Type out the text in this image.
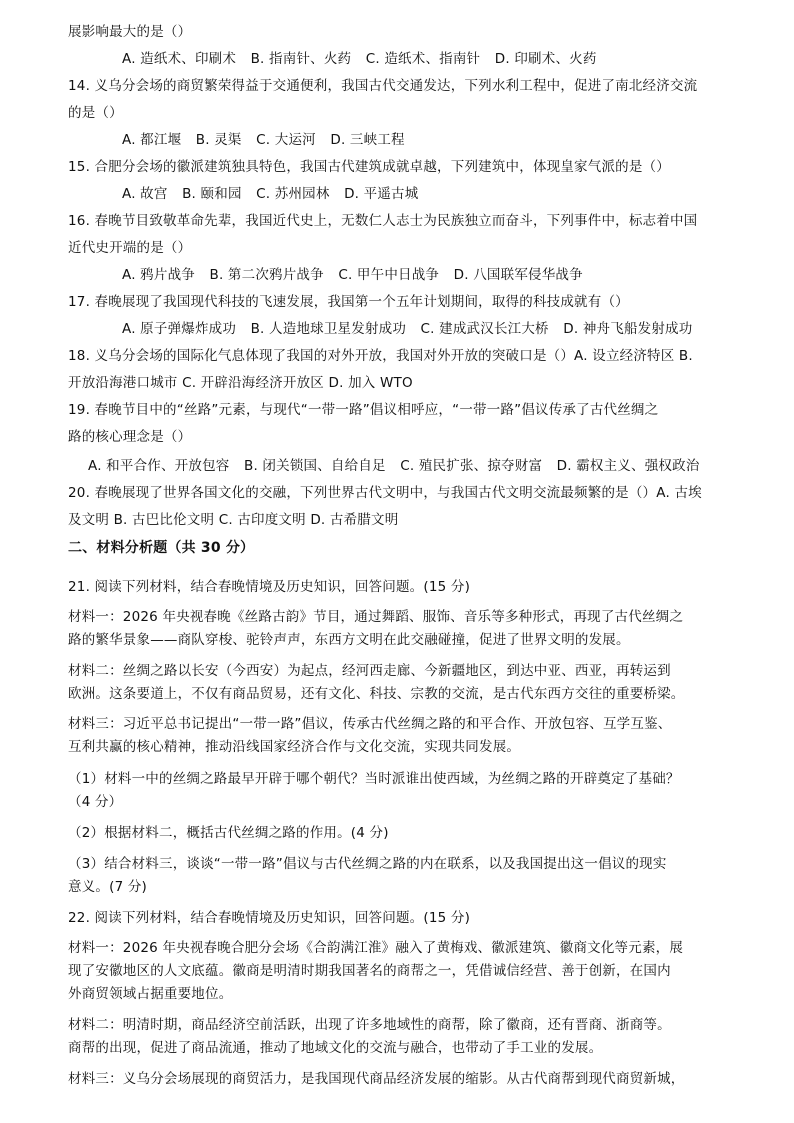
展影响最大的是（）
A. 造纸术、印刷术 B. 指南针、火药 C. 造纸术、指南针 D. 印刷术、火药
14. 义乌分会场的商贸繁荣得益于交通便利，我国古代交通发达，下列水利工程中，促进了南北经济交流
的是（）
A. 都江堰 B. 灵渠 C. 大运河 D. 三峡工程
15. 合肥分会场的徽派建筑独具特色，我国古代建筑成就卓越，下列建筑中，体现皇家气派的是（）
A. 故宫 B. 颐和园 C. 苏州园林 D. 平遥古城
16. 春晚节目致敬革命先辈，我国近代史上，无数仁人志士为民族独立而奋斗，下列事件中，标志着中国
近代史开端的是（）
A. 鸦片战争 B. 第二次鸦片战争 C. 甲午中日战争 D. 八国联军侵华战争
17. 春晚展现了我国现代科技的飞速发展，我国第一个五年计划期间，取得的科技成就有（）
A. 原子弹爆炸成功 B. 人造地球卫星发射成功 C. 建成武汉长江大桥 D. 神舟飞船发射成功
18. 义乌分会场的国际化气息体现了我国的对外开放，我国对外开放的突破口是（）A. 设立经济特区 B.
开放沿海港口城市 C. 开辟沿海经济开放区 D. 加入 WTO
19. 春晚节目中的“丝路”元素，与现代“一带一路”倡议相呼应，“一带一路”倡议传承了古代丝绸之
路的核心理念是（）
A. 和平合作、开放包容 B. 闭关锁国、自给自足 C. 殖民扩张、掠夺财富 D. 霸权主义、强权政治
20. 春晚展现了世界各国文化的交融，下列世界古代文明中，与我国古代文明交流最频繁的是（）A. 古埃
及文明 B. 古巴比伦文明 C. 古印度文明 D. 古希腊文明
二、材料分析题（共 30 分）
21. 阅读下列材料，结合春晚情境及历史知识，回答问题。(15 分)
材料一：2026 年央视春晚《丝路古韵》节目，通过舞蹈、服饰、音乐等多种形式，再现了古代丝绸之
路的繁华景象——商队穿梭、驼铃声声，东西方文明在此交融碰撞，促进了世界文明的发展。
材料二：丝绸之路以长安（今西安）为起点，经河西走廊、今新疆地区，到达中亚、西亚，再转运到
欧洲。这条要道上，不仅有商品贸易，还有文化、科技、宗教的交流，是古代东西方交往的重要桥梁。
材料三：习近平总书记提出“一带一路”倡议，传承古代丝绸之路的和平合作、开放包容、互学互鉴、
互利共赢的核心精神，推动沿线国家经济合作与文化交流，实现共同发展。
（1）材料一中的丝绸之路最早开辟于哪个朝代？当时派谁出使西域，为丝绸之路的开辟奠定了基础？
（4 分）
（2）根据材料二，概括古代丝绸之路的作用。(4 分)
（3）结合材料三，谈谈“一带一路”倡议与古代丝绸之路的内在联系，以及我国提出这一倡议的现实
意义。(7 分)
22. 阅读下列材料，结合春晚情境及历史知识，回答问题。(15 分)
材料一：2026 年央视春晚合肥分会场《合韵满江淮》融入了黄梅戏、徽派建筑、徽商文化等元素，展
现了安徽地区的人文底蕴。徽商是明清时期我国著名的商帮之一，凭借诚信经营、善于创新，在国内
外商贸领域占据重要地位。
材料二：明清时期，商品经济空前活跃，出现了许多地域性的商帮，除了徽商，还有晋商、浙商等。
商帮的出现，促进了商品流通，推动了地域文化的交流与融合，也带动了手工业的发展。
材料三：义乌分会场展现的商贸活力，是我国现代商品经济发展的缩影。从古代商帮到现代商贸新城，
